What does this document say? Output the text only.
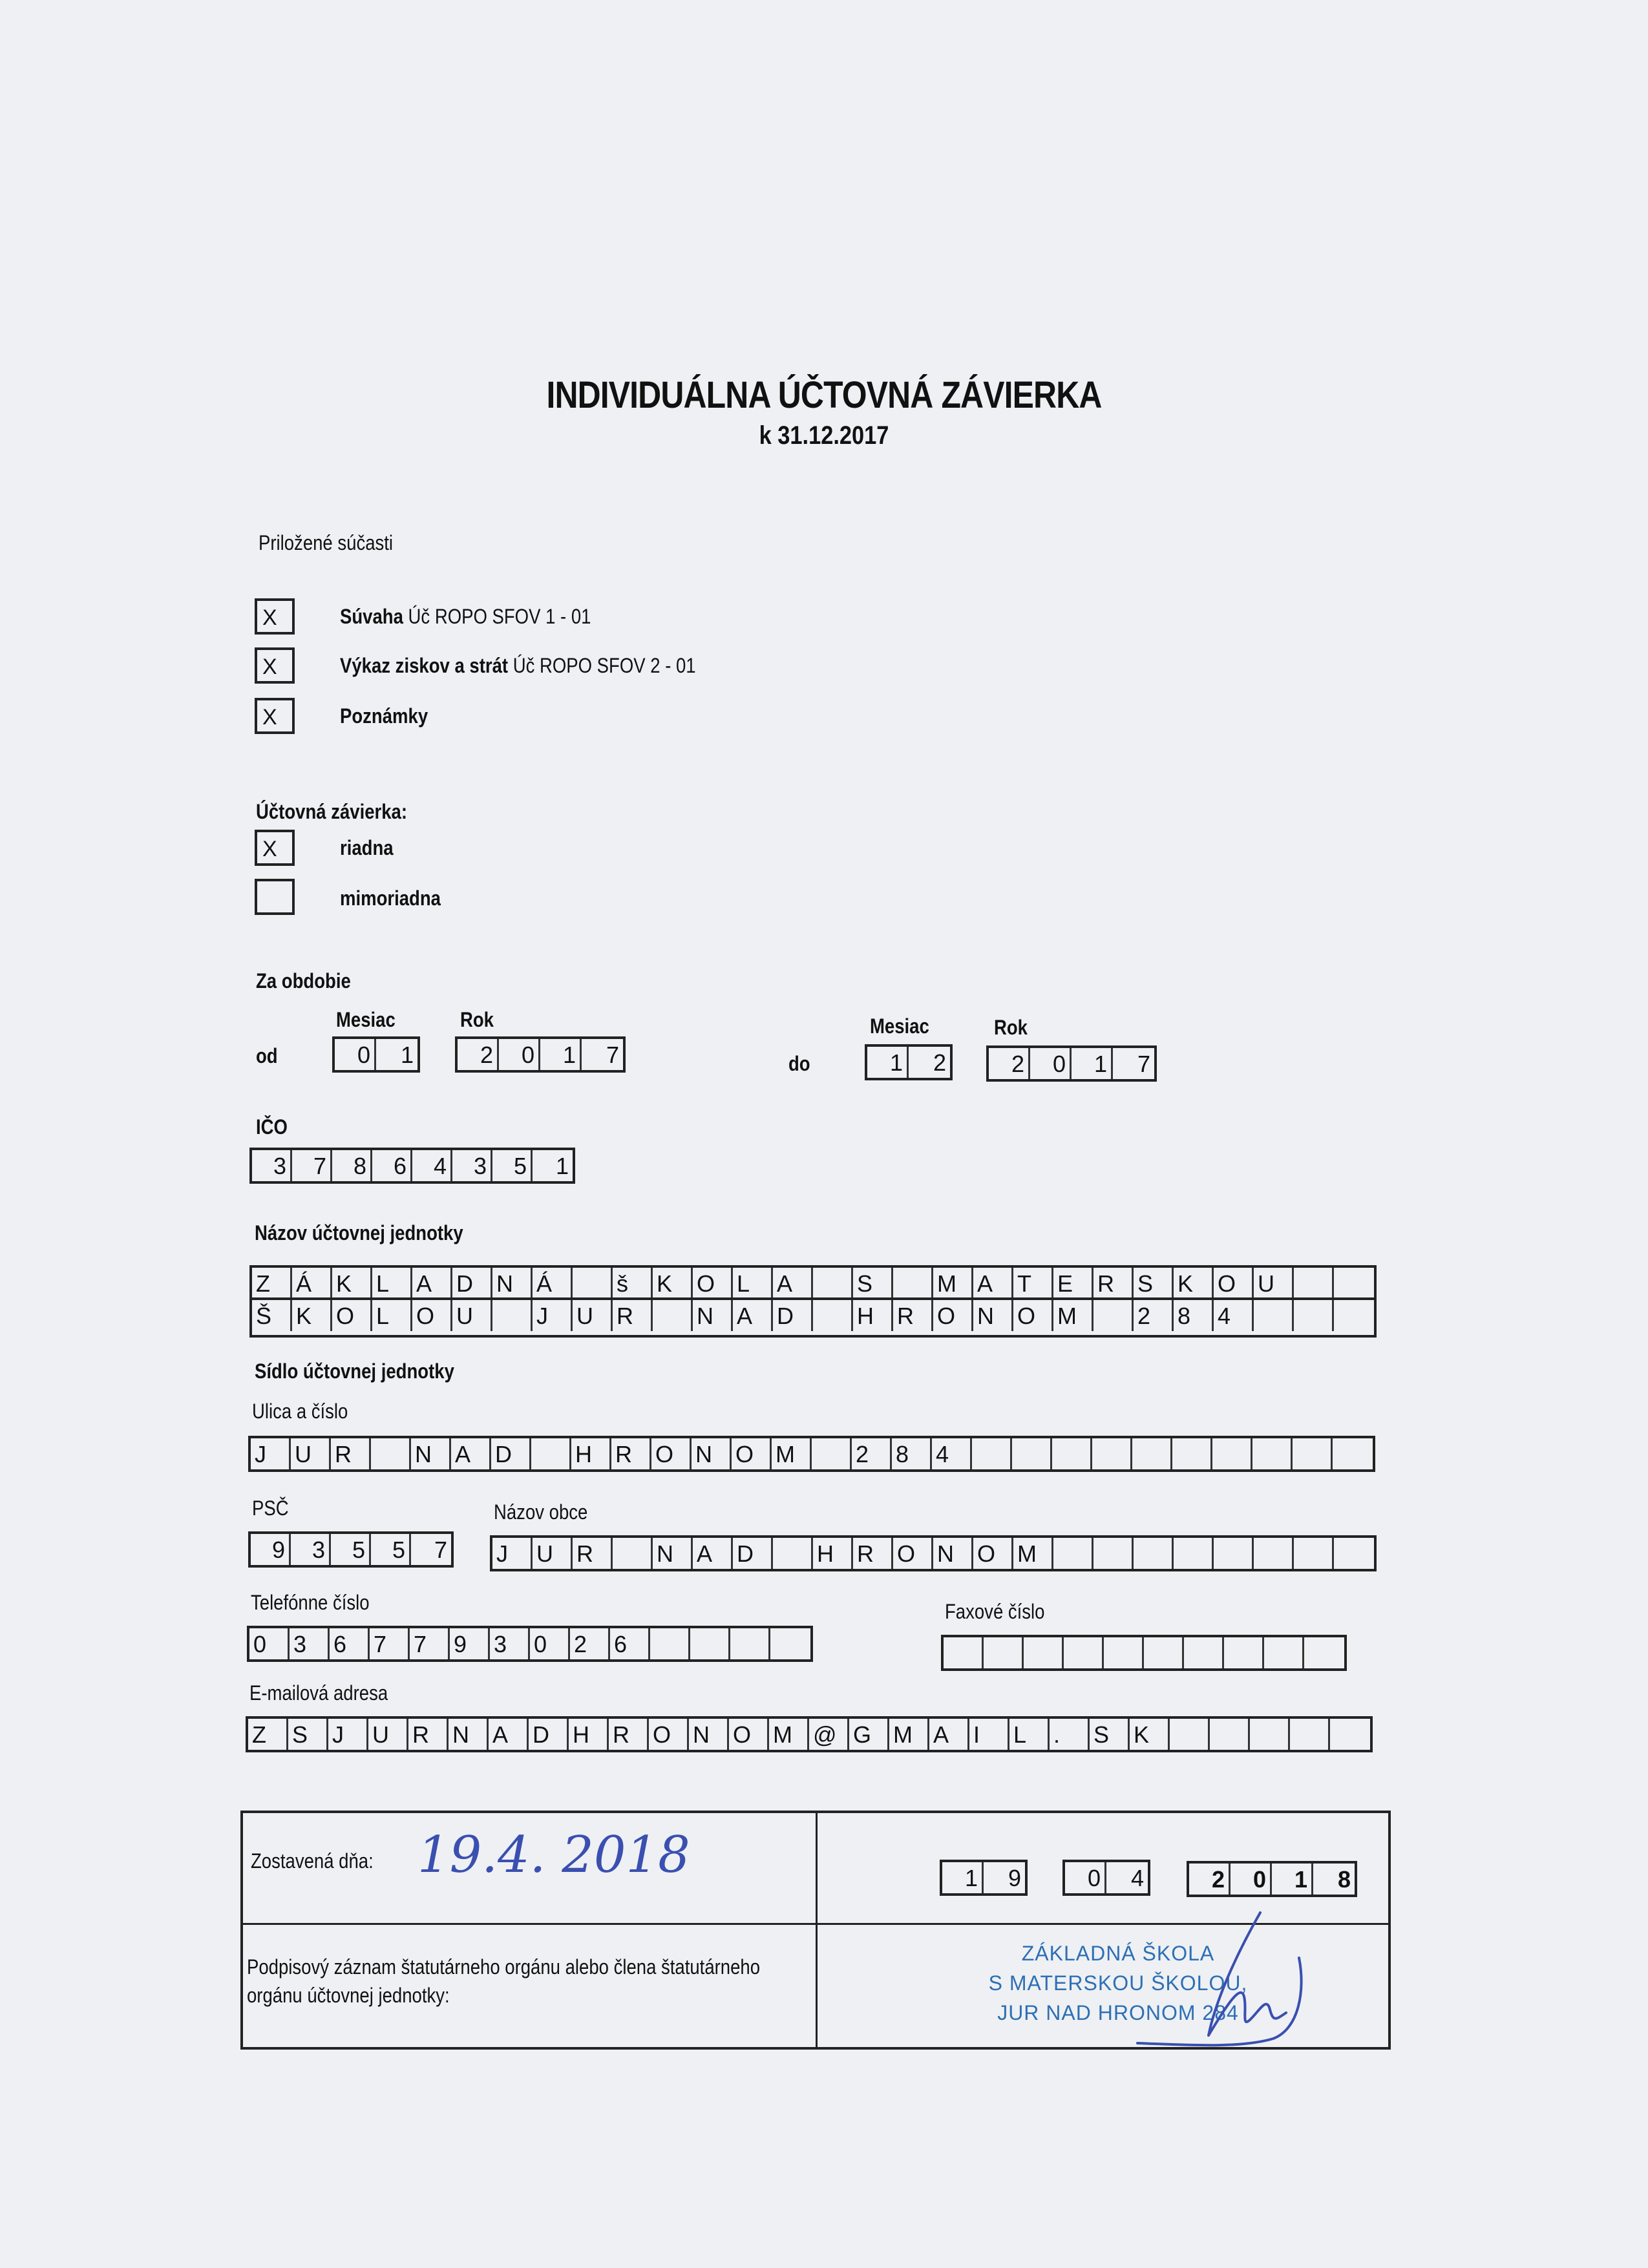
INDIVIDUÁLNA ÚČTOVNÁ ZÁVIERKA
k 31.12.2017
Priložené súčasti
X	Súvaha Úč ROPO SFOV 1 - 01
X	Výkaz ziskov a strát Úč ROPO SFOV 2 - 01
X	Poznámky
Účtovná závierka:
X	riadna
mimoriadna
Za obdobie
Mesiac	Rok
od	0	1	2	0	1	7
Mesiac	Rok
do	1	2	2	0	1	7
IČO
3	7	8	6	4	3	5	1
Názov účtovnej jednotky
Z	Á	K	L	A	D	N	Á	š	K	O L	A	S	M A	T	E	R	S	K	O U
Š	K	O L	O U	J	U	R	N	A	D	H	R	O N	O M	2	8	4
Sídlo účtovnej jednotky
Ulica a číslo
J	U	R	N	A	D	H	R	O N	O M	2	8	4
PSČ
9	3	5	5	7
Názov obce
J	U	R	N	A	D	H	R	O N	O M
Telefónne číslo
0	3	6	7	7	9	3	0	2	6
Faxové číslo
E-mailová adresa
Z	S	J	U	R	N	A	D	H	R	O N	O M @ G M A	I	L	.	S	K
Zostavená dňa: 19.4. 2018	1	9	0	4	2	0	1	8
Podpisový záznam štatutárneho orgánu alebo člena štatutárneho
orgánu účtovnej jednotky:
ZÁKLADNÁ ŠKOLA
S MATERSKOU ŠKOLOU,
JUR NAD HRONOM 284
